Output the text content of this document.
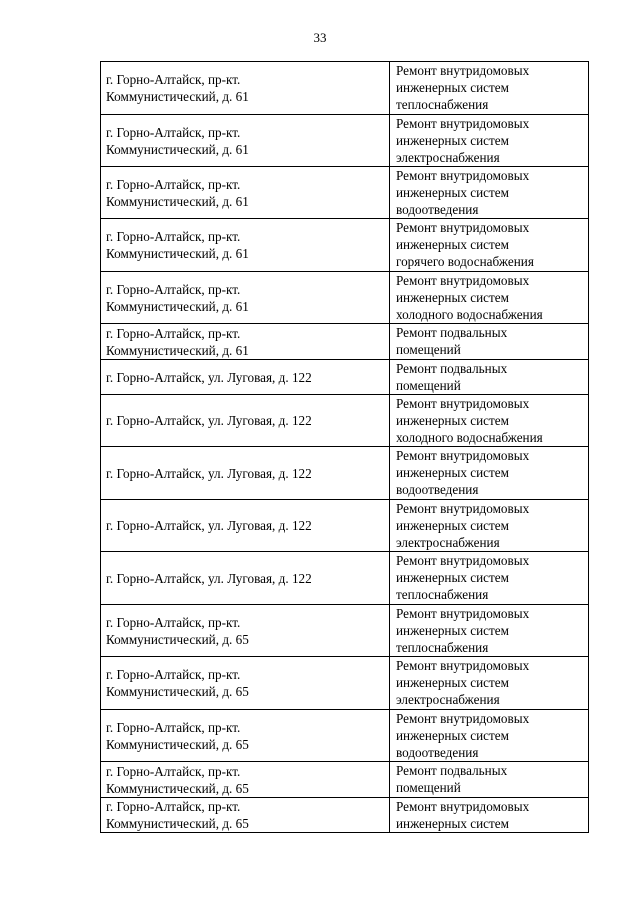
33
г. Горно-Алтайск, пр-кт.
Коммунистический, д. 61	Ремонт внутридомовых
инженерных систем
теплоснабжения
г. Горно-Алтайск, пр-кт.
Коммунистический, д. 61	Ремонт внутридомовых
инженерных систем
электроснабжения
г. Горно-Алтайск, пр-кт.
Коммунистический, д. 61	Ремонт внутридомовых
инженерных систем
водоотведения
г. Горно-Алтайск, пр-кт.
Коммунистический, д. 61	Ремонт внутридомовых
инженерных систем
горячего водоснабжения
г. Горно-Алтайск, пр-кт.
Коммунистический, д. 61	Ремонт внутридомовых
инженерных систем
холодного водоснабжения
г. Горно-Алтайск, пр-кт.
Коммунистический, д. 61	Ремонт подвальных
помещений
г. Горно-Алтайск, ул. Луговая, д. 122	Ремонт подвальных
помещений
г. Горно-Алтайск, ул. Луговая, д. 122	Ремонт внутридомовых
инженерных систем
холодного водоснабжения
г. Горно-Алтайск, ул. Луговая, д. 122	Ремонт внутридомовых
инженерных систем
водоотведения
г. Горно-Алтайск, ул. Луговая, д. 122	Ремонт внутридомовых
инженерных систем
электроснабжения
г. Горно-Алтайск, ул. Луговая, д. 122	Ремонт внутридомовых
инженерных систем
теплоснабжения
г. Горно-Алтайск, пр-кт.
Коммунистический, д. 65	Ремонт внутридомовых
инженерных систем
теплоснабжения
г. Горно-Алтайск, пр-кт.
Коммунистический, д. 65	Ремонт внутридомовых
инженерных систем
электроснабжения
г. Горно-Алтайск, пр-кт.
Коммунистический, д. 65	Ремонт внутридомовых
инженерных систем
водоотведения
г. Горно-Алтайск, пр-кт.
Коммунистический, д. 65	Ремонт подвальных
помещений
г. Горно-Алтайск, пр-кт.
Коммунистический, д. 65	Ремонт внутридомовых
инженерных систем
